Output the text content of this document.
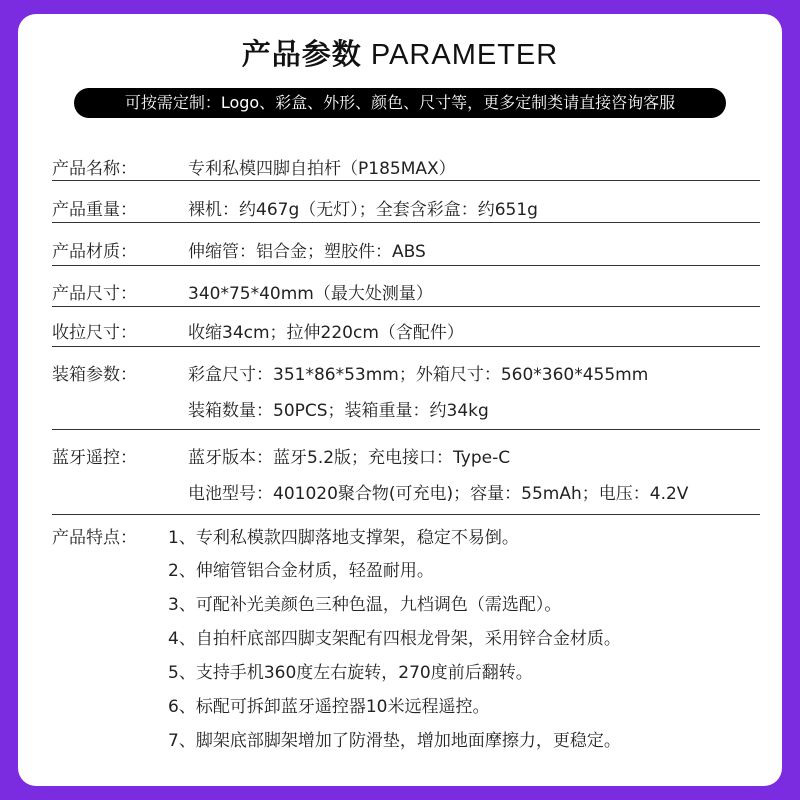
产品参数 PARAMETER
可按需定制：Logo、彩盒、外形、颜色、尺寸等，更多定制类请直接咨询客服
产品名称：	专利私模四脚自拍杆（P185MAX）
产品重量：	裸机：约467g（无灯）；全套含彩盒：约651g
产品材质：	伸缩管：铝合金；塑胶件：ABS
产品尺寸：	340*75*40mm（最大处测量）
收拉尺寸：	收缩34cm；拉伸220cm（含配件）
装箱参数：	彩盒尺寸：351*86*53mm；外箱尺寸：560*360*455mm
装箱数量：50PCS；装箱重量：约34kg
蓝牙遥控：	蓝牙版本：蓝牙5.2版；充电接口：Type-C
电池型号：401020聚合物(可充电)；容量：55mAh；电压：4.2V
产品特点：	1、专利私模款四脚落地支撑架，稳定不易倒。
2、伸缩管铝合金材质，轻盈耐用。
3、可配补光美颜色三种色温，九档调色（需选配）。
4、自拍杆底部四脚支架配有四根龙骨架，采用锌合金材质。
5、支持手机360度左右旋转，270度前后翻转。
6、标配可拆卸蓝牙遥控器10米远程遥控。
7、脚架底部脚架增加了防滑垫，增加地面摩擦力，更稳定。
